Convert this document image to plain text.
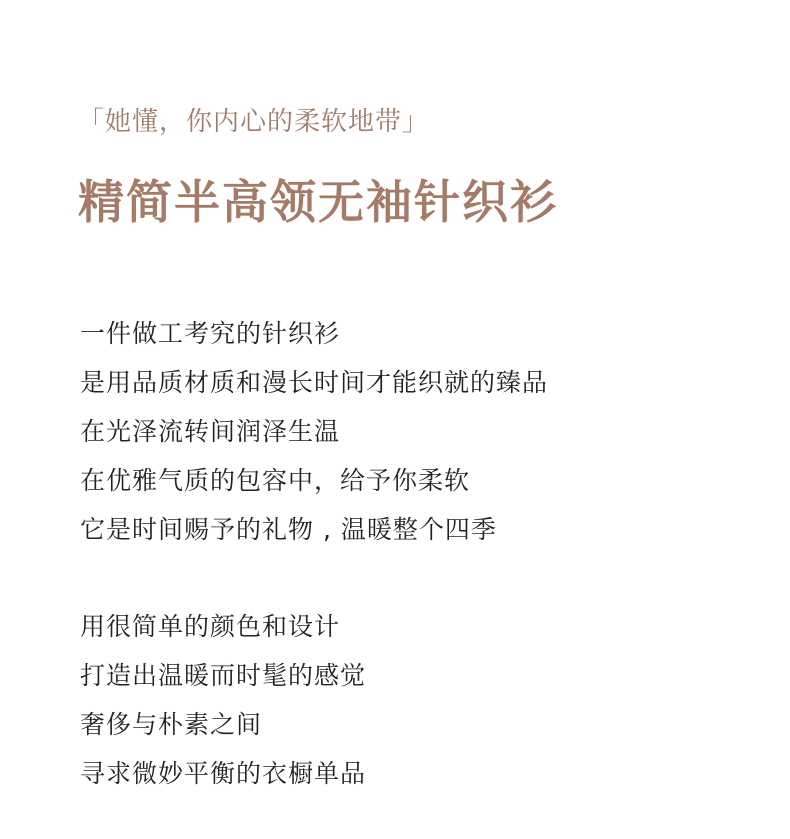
「她懂，你内心的柔软地带」
精简半高领无袖针织衫
一件做工考究的针织衫
是用品质材质和漫长时间才能织就的臻品
在光泽流转间润泽生温
在优雅气质的包容中，给予你柔软
它是时间赐予的礼物 , 温暖整个四季
用很简单的颜色和设计
打造出温暖而时髦的感觉
奢侈与朴素之间
寻求微妙平衡的衣橱单品
